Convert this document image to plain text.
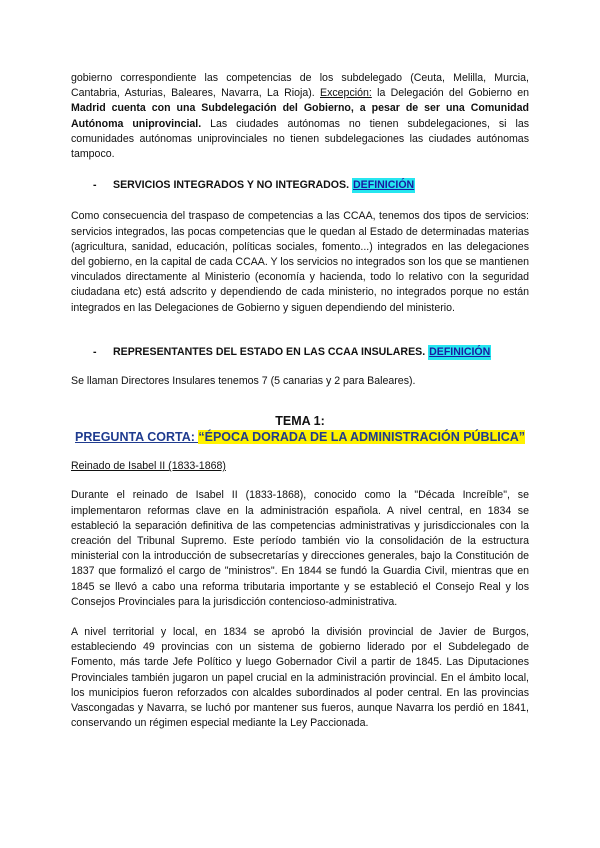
gobierno correspondiente las competencias de los subdelegado (Ceuta, Melilla, Murcia, Cantabria, Asturias, Baleares, Navarra, La Rioja). Excepción: la Delegación del Gobierno en Madrid cuenta con una Subdelegación del Gobierno, a pesar de ser una Comunidad Autónoma uniprovincial. Las ciudades autónomas no tienen subdelegaciones, si las comunidades autónomas uniprovinciales no tienen subdelegaciones las ciudades autónomas tampoco.

-	SERVICIOS INTEGRADOS Y NO INTEGRADOS.
DEFINICIÓN

Como consecuencia del traspaso de competencias a las CCAA, tenemos dos tipos de servicios: servicios integrados, las pocas competencias que le quedan al Estado de determinadas materias (agricultura, sanidad, educación, políticas sociales, fomento...) integrados en las delegaciones del gobierno, en la capital de cada CCAA. Y los servicios no integrados son los que se mantienen vinculados directamente al Ministerio (economía y hacienda, todo lo relativo con la seguridad ciudadana etc) está adscrito y dependiendo de cada ministerio, no integrados porque no están integrados en las Delegaciones de Gobierno y siguen dependiendo del ministerio.

-	REPRESENTANTES DEL ESTADO EN LAS CCAA INSULARES.
DEFINICIÓN

Se llaman Directores Insulares tenemos 7 (5 canarias y 2 para Baleares).

TEMA 1:
PREGUNTA CORTA: “ÉPOCA DORADA DE LA ADMINISTRACIÓN PÚBLICA”

Reinado de Isabel II (1833-1868)

Durante el reinado de Isabel II (1833-1868), conocido como la "Década Increíble", se implementaron reformas clave en la administración española. A nivel central, en 1834 se estableció la separación definitiva de las competencias administrativas y jurisdiccionales con la creación del Tribunal Supremo. Este período también vio la consolidación de la estructura ministerial con la introducción de subsecretarías y direcciones generales, bajo la Constitución de 1837 que formalizó el cargo de "ministros". En 1844 se fundó la Guardia Civil, mientras que en 1845 se llevó a cabo una reforma tributaria importante y se estableció el Consejo Real y los Consejos Provinciales para la jurisdicción contencioso-administrativa.

A nivel territorial y local, en 1834 se aprobó la división provincial de Javier de Burgos, estableciendo 49 provincias con un sistema de gobierno liderado por el Subdelegado de Fomento, más tarde Jefe Político y luego Gobernador Civil a partir de 1845. Las Diputaciones Provinciales también jugaron un papel crucial en la administración provincial. En el ámbito local, los municipios fueron reforzados con alcaldes subordinados al poder central. En las provincias Vascongadas y Navarra, se luchó por mantener sus fueros, aunque Navarra los perdió en 1841, conservando un régimen especial mediante la Ley Paccionada.
